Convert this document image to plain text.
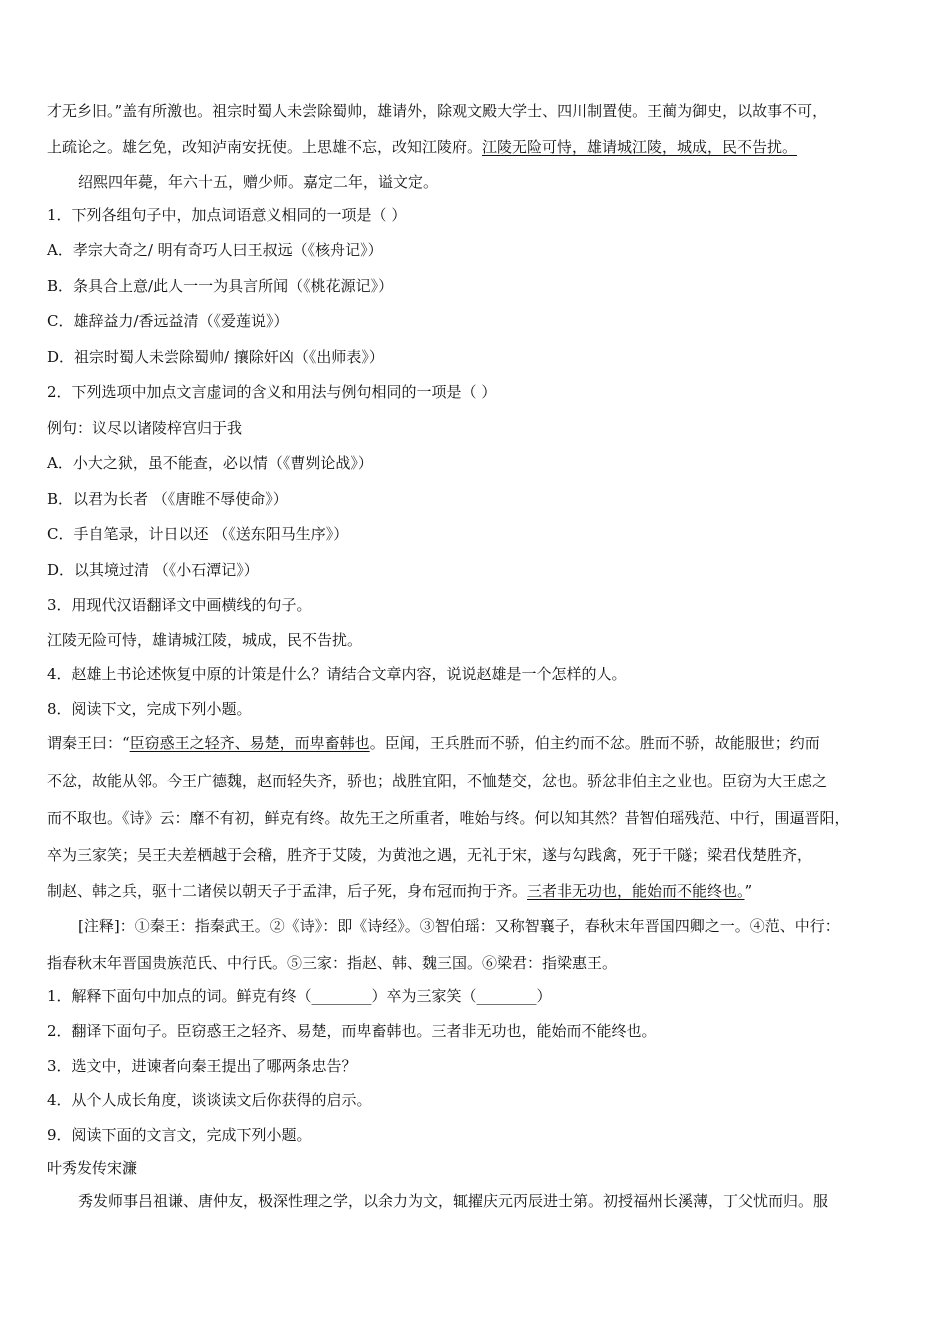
才无乡旧。”盖有所激也。祖宗时蜀人未尝除蜀帅，雄请外，除观文殿大学士、四川制置使。王蔺为御史，以故事不可，
上疏论之。雄乞免，改知泸南安抚使。上思雄不忘，改知江陵府。江陵无险可恃，雄请城江陵，城成，民不告扰。
绍熙四年薨，年六十五，赠少师。嘉定二年，谥文定。
1．下列各组句子中，加点词语意义相同的一项是（ ）
A．孝宗大奇之/ 明有奇巧人曰王叔远（《核舟记》）
B．条具合上意/此人一一为具言所闻（《桃花源记》）
C．雄辞益力/香远益清（《爱莲说》）
D．祖宗时蜀人未尝除蜀帅/ 攘除奸凶（《出师表》）
2．下列选项中加点文言虚词的含义和用法与例句相同的一项是（ ）
例句：议尽以诸陵梓宫归于我
A．小大之狱，虽不能查，必以情（《曹刿论战》）
B．以君为长者 （《唐睢不辱使命》）
C．手自笔录，计日以还 （《送东阳马生序》）
D．以其境过清 （《小石潭记》）
3．用现代汉语翻译文中画横线的句子。
江陵无险可恃，雄请城江陵，城成，民不告扰。
4．赵雄上书论述恢复中原的计策是什么？请结合文章内容，说说赵雄是一个怎样的人。
8．阅读下文，完成下列小题。
谓秦王曰：“臣窃惑王之轻齐、易楚，而卑畜韩也。臣闻，王兵胜而不骄，伯主约而不忿。胜而不骄，故能服世；约而
不忿，故能从邻。今王广德魏，赵而轻失齐，骄也；战胜宜阳，不恤楚交，忿也。骄忿非伯主之业也。臣窃为大王虑之
而不取也。《诗》云：靡不有初，鲜克有终。故先王之所重者，唯始与终。何以知其然？昔智伯瑶残范、中行，围逼晋阳，
卒为三家笑；吴王夫差栖越于会稽，胜齐于艾陵，为黄池之遇，无礼于宋，遂与勾践禽，死于干隧；梁君伐楚胜齐，
制赵、韩之兵，驱十二诸侯以朝天子于孟津，后子死，身布冠而拘于齐。三者非无功也，能始而不能终也。”
[注释]：①秦王：指秦武王。②《诗》：即《诗经》。③智伯瑶：又称智襄子，春秋末年晋国四卿之一。④范、中行：
指春秋末年晋国贵族范氏、中行氏。⑤三家：指赵、韩、魏三国。⑥梁君：指梁惠王。
1．解释下面句中加点的词。鲜克有终（________）卒为三家笑（________）
2．翻译下面句子。臣窃惑王之轻齐、易楚，而卑畜韩也。三者非无功也，能始而不能终也。
3．选文中，进谏者向秦王提出了哪两条忠告？
4．从个人成长角度，谈谈读文后你获得的启示。
9．阅读下面的文言文，完成下列小题。
叶秀发传宋濂
秀发师事吕祖谦、唐仲友，极深性理之学，以余力为文，辄擢庆元丙辰进士第。初授福州长溪薄，丁父忧而归。服
